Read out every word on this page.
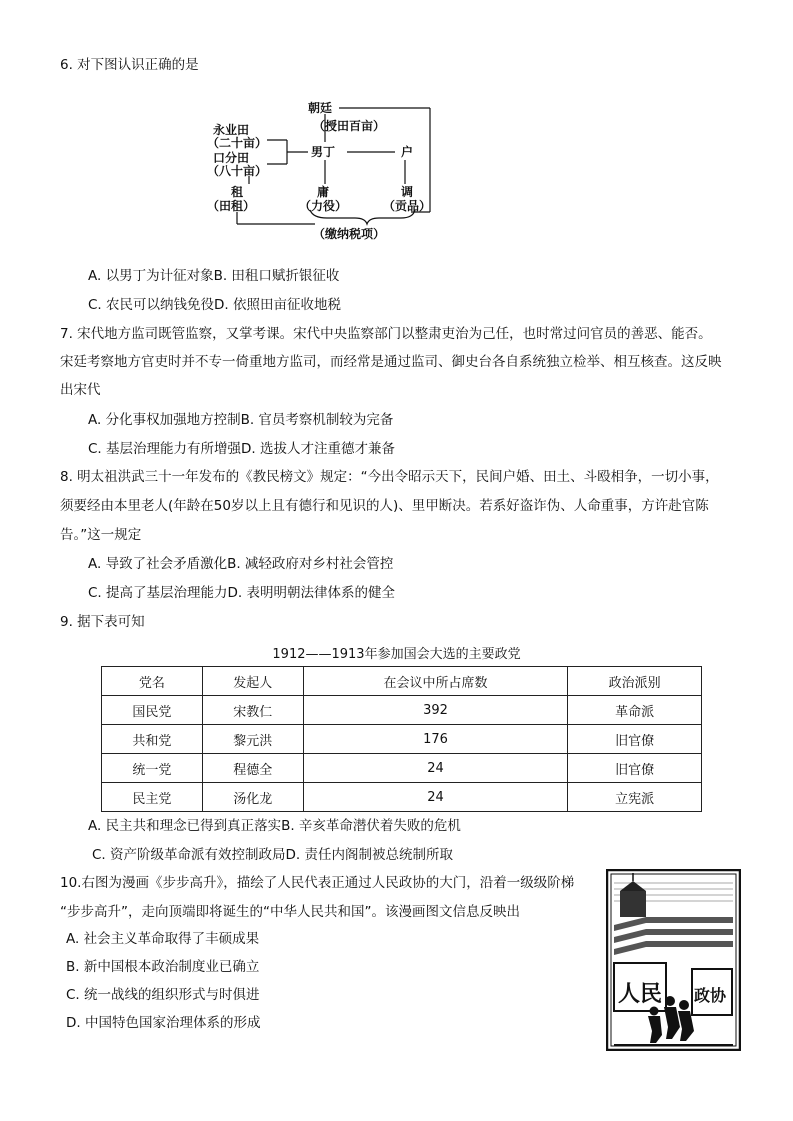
6. 对下图认识正确的是
朝廷
（授田百亩）
永业田
（二十亩）
口分田
（八十亩）
男丁	户
租
（田租）
庸
（力役）
调
（贡品）
（缴纳税项）
A. 以男丁为计征对象B. 田租口赋折银征收
C. 农民可以纳钱免役D. 依照田亩征收地税
7. 宋代地方监司既管监察，又掌考课。宋代中央监察部门以整肃吏治为己任，也时常过问官员的善恶、能否。
宋廷考察地方官吏时并不专一倚重地方监司，而经常是通过监司、御史台各自系统独立检举、相互核查。这反映
出宋代
A. 分化事权加强地方控制B. 官员考察机制较为完备
C. 基层治理能力有所增强D. 选拔人才注重德才兼备
8. 明太祖洪武三十一年发布的《教民榜文》规定：“今出令昭示天下，民间户婚、田土、斗殴相争，一切小事，
须要经由本里老人(年龄在50岁以上且有德行和见识的人)、里甲断决。若系好盗诈伪、人命重事，方许赴官陈
告。”这一规定
A. 导致了社会矛盾激化B. 减轻政府对乡村社会管控
C. 提高了基层治理能力D. 表明明朝法律体系的健全
9. 据下表可知
1912——1913年参加国会大选的主要政党
党名	发起人	在会议中所占席数	政治派别
国民党	宋教仁	392	革命派
共和党	黎元洪	176	旧官僚
统一党	程德全	24	旧官僚
民主党	汤化龙	24	立宪派
A. 民主共和理念已得到真正落实B. 辛亥革命潜伏着失败的危机
C. 资产阶级革命派有效控制政局D. 责任内阁制被总统制所取
10.右图为漫画《步步高升》，描绘了人民代表正通过人民政协的大门，沿着一级级阶梯
“步步高升”，走向顶端即将诞生的“中华人民共和国”。该漫画图文信息反映出
A. 社会主义革命取得了丰硕成果
B. 新中国根本政治制度业已确立
C. 统一战线的组织形式与时俱进
D. 中国特色国家治理体系的形成
人民 政协
